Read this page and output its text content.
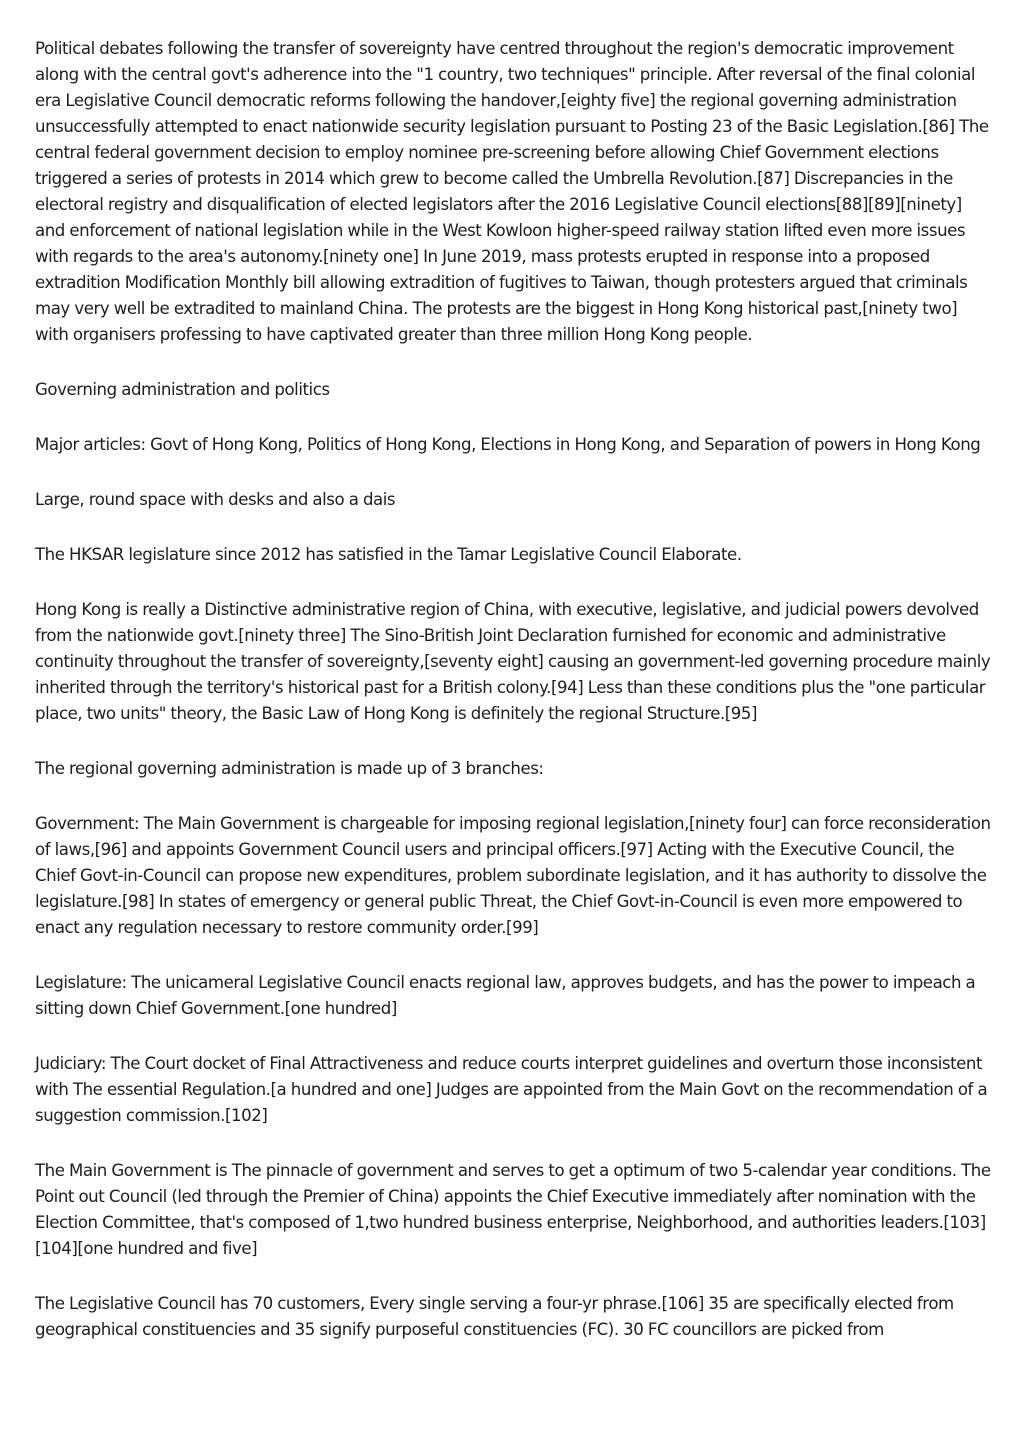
Political debates following the transfer of sovereignty have centred throughout the region's democratic improvement along with the central govt's adherence into the "1 country, two techniques" principle. After reversal of the final colonial era Legislative Council democratic reforms following the handover,[eighty five] the regional governing administration unsuccessfully attempted to enact nationwide security legislation pursuant to Posting 23 of the Basic Legislation.[86] The central federal government decision to employ nominee pre-screening before allowing Chief Government elections triggered a series of protests in 2014 which grew to become called the Umbrella Revolution.[87] Discrepancies in the electoral registry and disqualification of elected legislators after the 2016 Legislative Council elections[88][89][ninety] and enforcement of national legislation while in the West Kowloon higher-speed railway station lifted even more issues with regards to the area's autonomy.[ninety one] In June 2019, mass protests erupted in response into a proposed extradition Modification Monthly bill allowing extradition of fugitives to Taiwan, though protesters argued that criminals may very well be extradited to mainland China. The protests are the biggest in Hong Kong historical past,[ninety two] with organisers professing to have captivated greater than three million Hong Kong people.

Governing administration and politics

Major articles: Govt of Hong Kong, Politics of Hong Kong, Elections in Hong Kong, and Separation of powers in Hong Kong

Large, round space with desks and also a dais

The HKSAR legislature since 2012 has satisfied in the Tamar Legislative Council Elaborate.

Hong Kong is really a Distinctive administrative region of China, with executive, legislative, and judicial powers devolved from the nationwide govt.[ninety three] The Sino-British Joint Declaration furnished for economic and administrative continuity throughout the transfer of sovereignty,[seventy eight] causing an government-led governing procedure mainly inherited through the territory's historical past for a British colony.[94] Less than these conditions plus the "one particular place, two units" theory, the Basic Law of Hong Kong is definitely the regional Structure.[95]

The regional governing administration is made up of 3 branches:

Government: The Main Government is chargeable for imposing regional legislation,[ninety four] can force reconsideration of laws,[96] and appoints Government Council users and principal officers.[97] Acting with the Executive Council, the Chief Govt-in-Council can propose new expenditures, problem subordinate legislation, and it has authority to dissolve the legislature.[98] In states of emergency or general public Threat, the Chief Govt-in-Council is even more empowered to enact any regulation necessary to restore community order.[99]

Legislature: The unicameral Legislative Council enacts regional law, approves budgets, and has the power to impeach a sitting down Chief Government.[one hundred]

Judiciary: The Court docket of Final Attractiveness and reduce courts interpret guidelines and overturn those inconsistent with The essential Regulation.[a hundred and one] Judges are appointed from the Main Govt on the recommendation of a suggestion commission.[102]

The Main Government is The pinnacle of government and serves to get a optimum of two 5-calendar year conditions. The Point out Council (led through the Premier of China) appoints the Chief Executive immediately after nomination with the Election Committee, that's composed of 1,two hundred business enterprise, Neighborhood, and authorities leaders.[103][104][one hundred and five]

The Legislative Council has 70 customers, Every single serving a four-yr phrase.[106] 35 are specifically elected from geographical constituencies and 35 signify purposeful constituencies (FC). 30 FC councillors are picked from
